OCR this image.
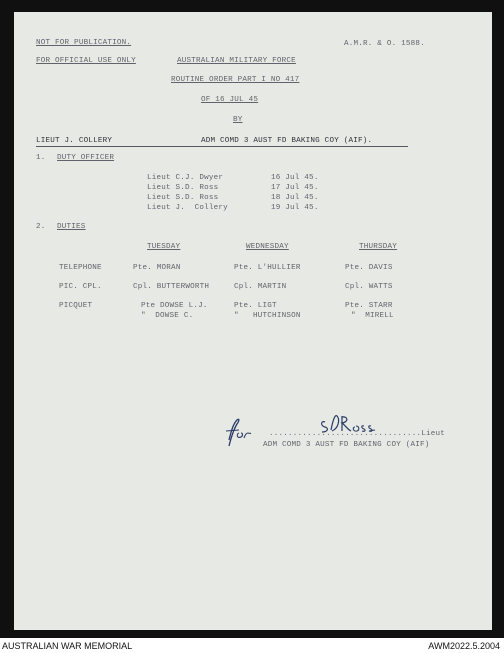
NOT FOR PUBLICATION.	A.M.R. & O. 1588.
FOR OFFICIAL USE ONLY	AUSTRALIAN MILITARY FORCE
ROUTINE ORDER PART I NO 417
OF 16 JUL 45
BY
LIEUT J. COLLERY	ADM COMD 3 AUST FD BAKING COY (AIF).
1. DUTY OFFICER
Lieut C.J. Dwyer	16 Jul 45.
Lieut S.D. Ross	17 Jul 45.
Lieut S.D. Ross	18 Jul 45.
Lieut J.  Collery	19 Jul 45.
2. DUTIES
TUESDAY	WEDNESDAY	THURSDAY
TELEPHONE	Pte. MORAN	Pte. L'HULLIER	Pte. DAVIS
PIC. CPL.	Cpl. BUTTERWORTH	Cpl. MARTIN	Cpl. WATTS
PICQUET	Pte DOWSE L.J.	Pte. LIGT	Pte. STARR
"  DOWSE C.	"   HUTCHINSON	"  MIRELL
................................Lieut
ADM COMD 3 AUST FD BAKING COY (AIF)
AUSTRALIAN WAR MEMORIAL	AWM2022.5.2004
